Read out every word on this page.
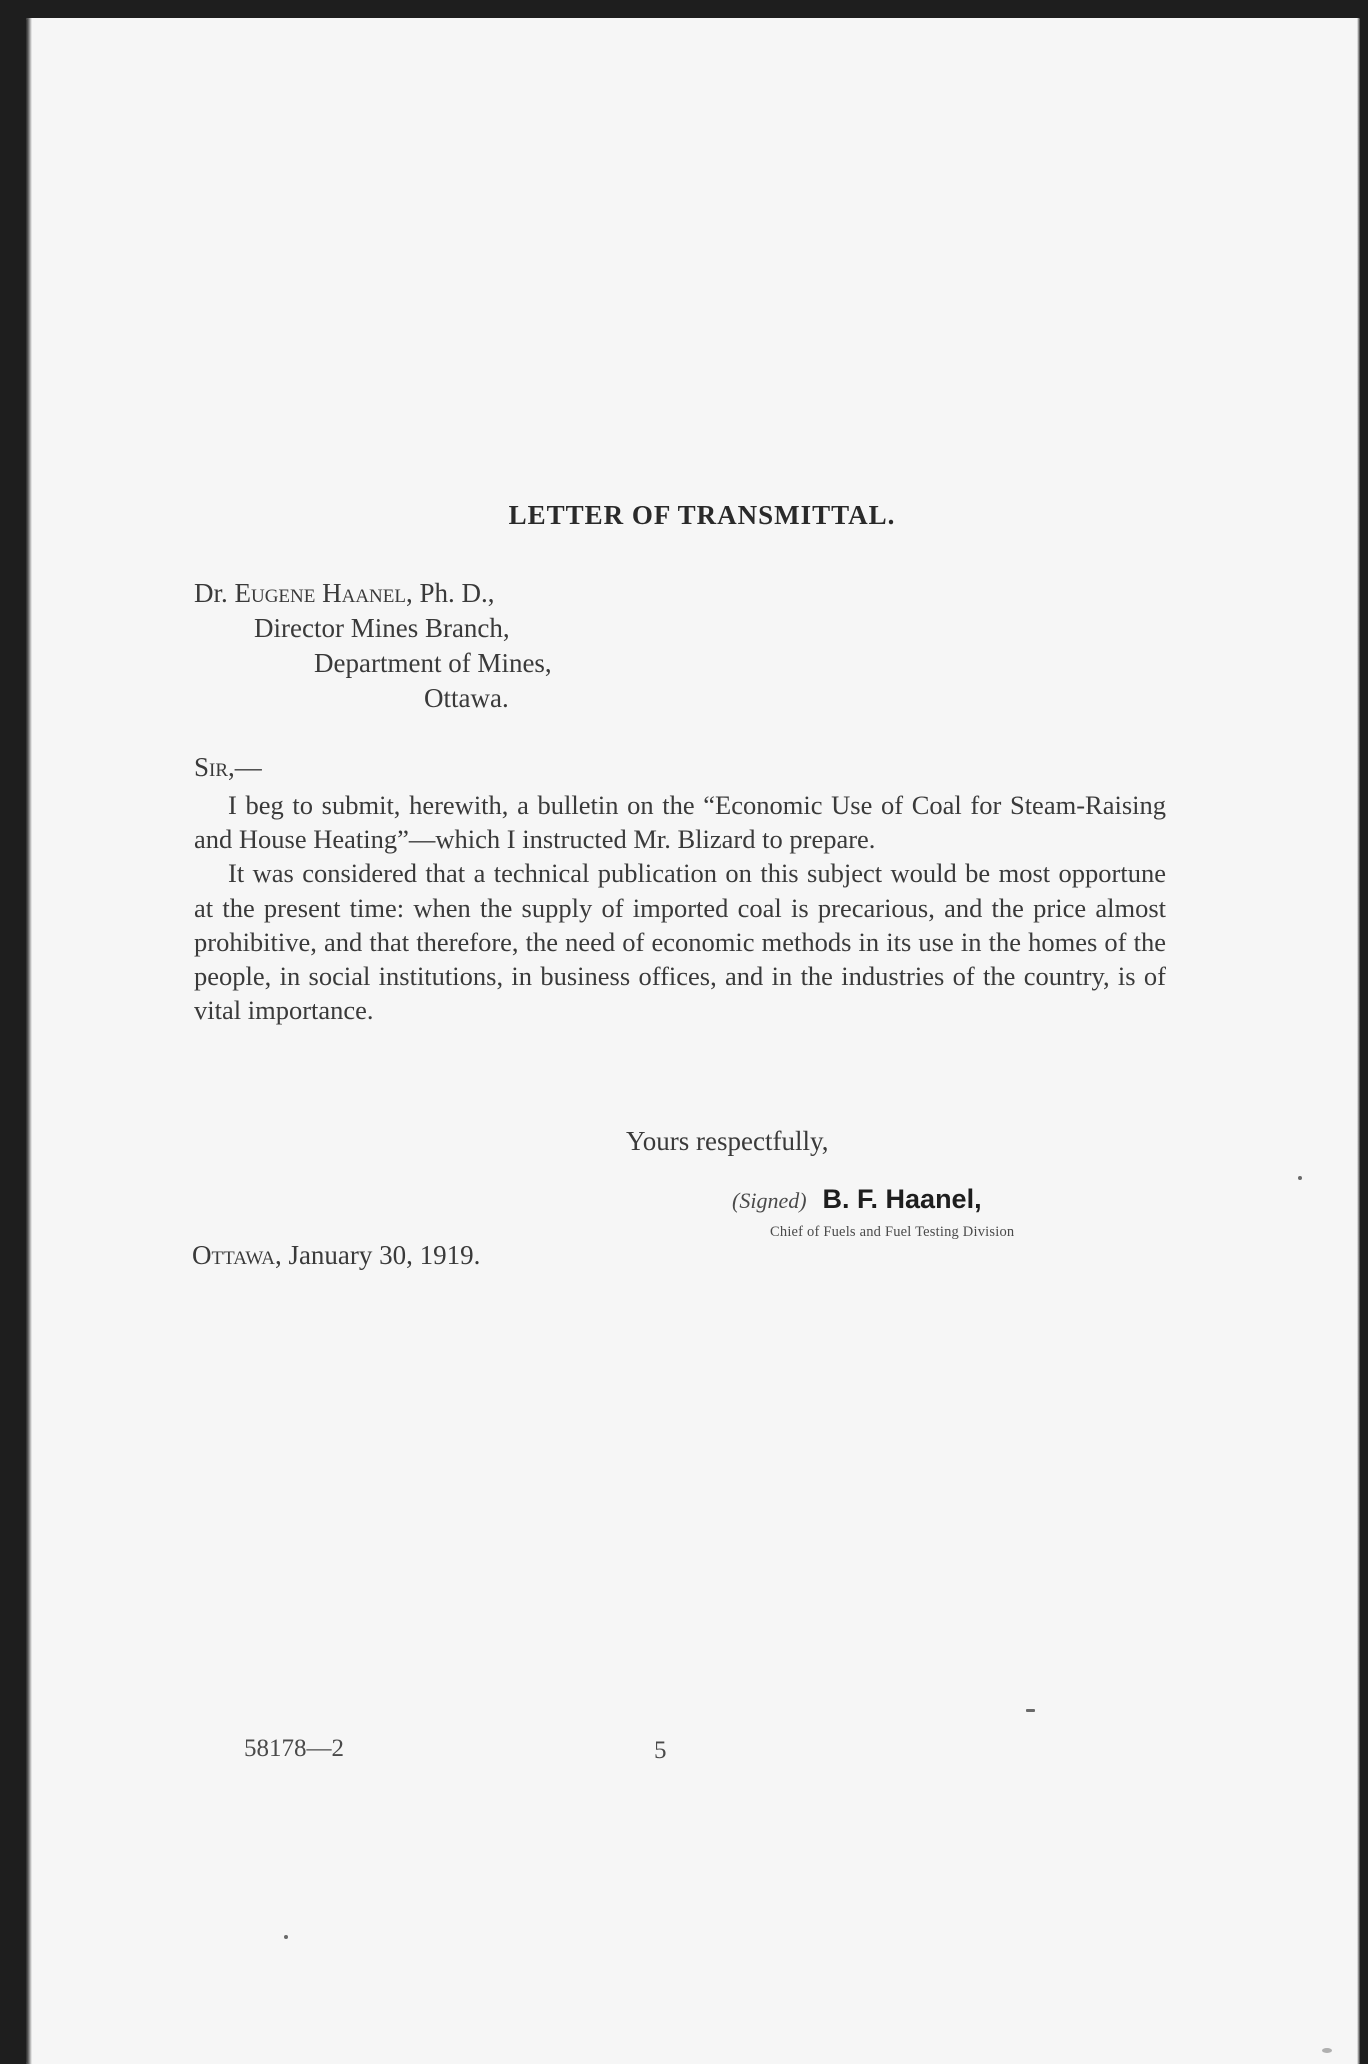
LETTER OF TRANSMITTAL.
Dr. Eugene Haanel, Ph. D.,
Director Mines Branch,
Department of Mines,
Ottawa.
Sir,—

I beg to submit, herewith, a bulletin on the “Economic Use of Coal for Steam-Raising and House Heating”—which I instructed Mr. Blizard to prepare.

It was considered that a technical publication on this subject would be most opportune at the present time: when the supply of imported coal is precarious, and the price almost prohibitive, and that therefore, the need of economic methods in its use in the homes of the people, in social institutions, in business offices, and in the industries of the country, is of vital importance.

Yours respectfully,
(Signed) B. F. Haanel,
Chief of Fuels and Fuel Testing Division
Ottawa, January 30, 1919.
58178—2	5
